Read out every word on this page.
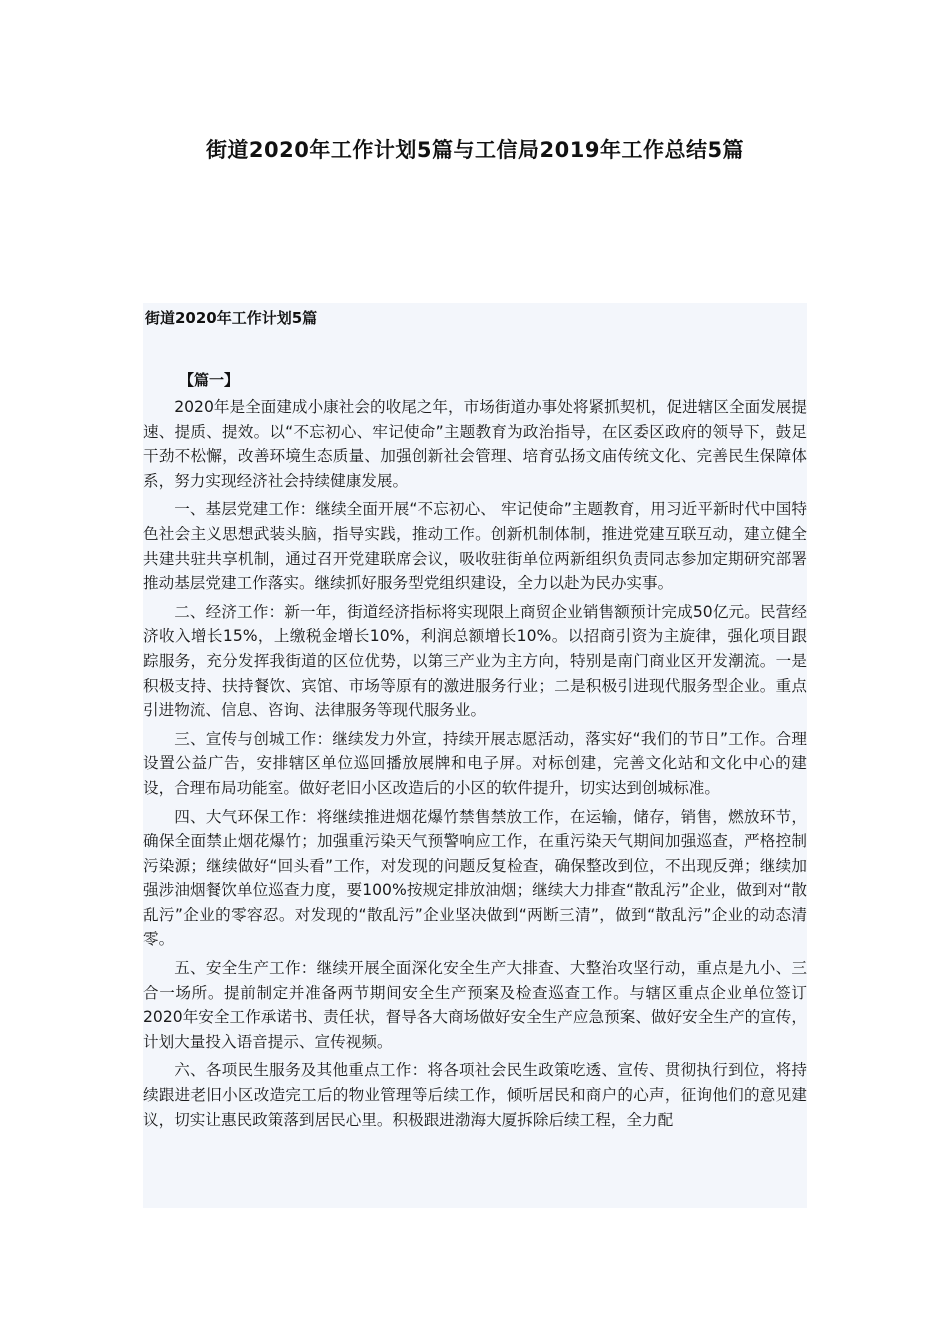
街道2020年工作计划5篇与工信局2019年工作总结5篇
街道2020年工作计划5篇
【篇一】

2020年是全面建成小康社会的收尾之年，市场街道办事处将紧抓契机，促进辖区全面发展提速、提质、提效。以“不忘初心、牢记使命”主题教育为政治指导，在区委区政府的领导下，鼓足干劲不松懈，改善环境生态质量、加强创新社会管理、培育弘扬文庙传统文化、完善民生保障体系，努力实现经济社会持续健康发展。

一、基层党建工作：继续全面开展“不忘初心、 牢记使命”主题教育，用习近平新时代中国特色社会主义思想武装头脑，指导实践，推动工作。创新机制体制，推进党建互联互动，建立健全共建共驻共享机制，通过召开党建联席会议，吸收驻街单位两新组织负责同志参加定期研究部署推动基层党建工作落实。继续抓好服务型党组织建设，全力以赴为民办实事。

二、经济工作：新一年，街道经济指标将实现限上商贸企业销售额预计完成50亿元。民营经济收入增长15%，上缴税金增长10%，利润总额增长10%。以招商引资为主旋律，强化项目跟踪服务，充分发挥我街道的区位优势，以第三产业为主方向，特别是南门商业区开发潮流。一是积极支持、扶持餐饮、宾馆、市场等原有的激进服务行业；二是积极引进现代服务型企业。重点引进物流、信息、咨询、法律服务等现代服务业。

三、宣传与创城工作：继续发力外宣，持续开展志愿活动，落实好“我们的节日”工作。合理设置公益广告，安排辖区单位巡回播放展牌和电子屏。对标创建，完善文化站和文化中心的建设，合理布局功能室。做好老旧小区改造后的小区的软件提升，切实达到创城标准。

四、大气环保工作：将继续推进烟花爆竹禁售禁放工作，在运输，储存，销售，燃放环节，确保全面禁止烟花爆竹；加强重污染天气预警响应工作，在重污染天气期间加强巡查，严格控制污染源；继续做好“回头看”工作，对发现的问题反复检查，确保整改到位，不出现反弹；继续加强涉油烟餐饮单位巡查力度，要100%按规定排放油烟；继续大力排查“散乱污”企业，做到对“散乱污”企业的零容忍。对发现的“散乱污”企业坚决做到“两断三清”，做到“散乱污”企业的动态清零。

五、安全生产工作：继续开展全面深化安全生产大排查、大整治攻坚行动，重点是九小、三合一场所。提前制定并准备两节期间安全生产预案及检查巡查工作。与辖区重点企业单位签订2020年安全工作承诺书、责任状，督导各大商场做好安全生产应急预案、做好安全生产的宣传，计划大量投入语音提示、宣传视频。

六、各项民生服务及其他重点工作：将各项社会民生政策吃透、宣传、贯彻执行到位，将持续跟进老旧小区改造完工后的物业管理等后续工作，倾听居民和商户的心声，征询他们的意见建议，切实让惠民政策落到居民心里。积极跟进渤海大厦拆除后续工程，全力配
